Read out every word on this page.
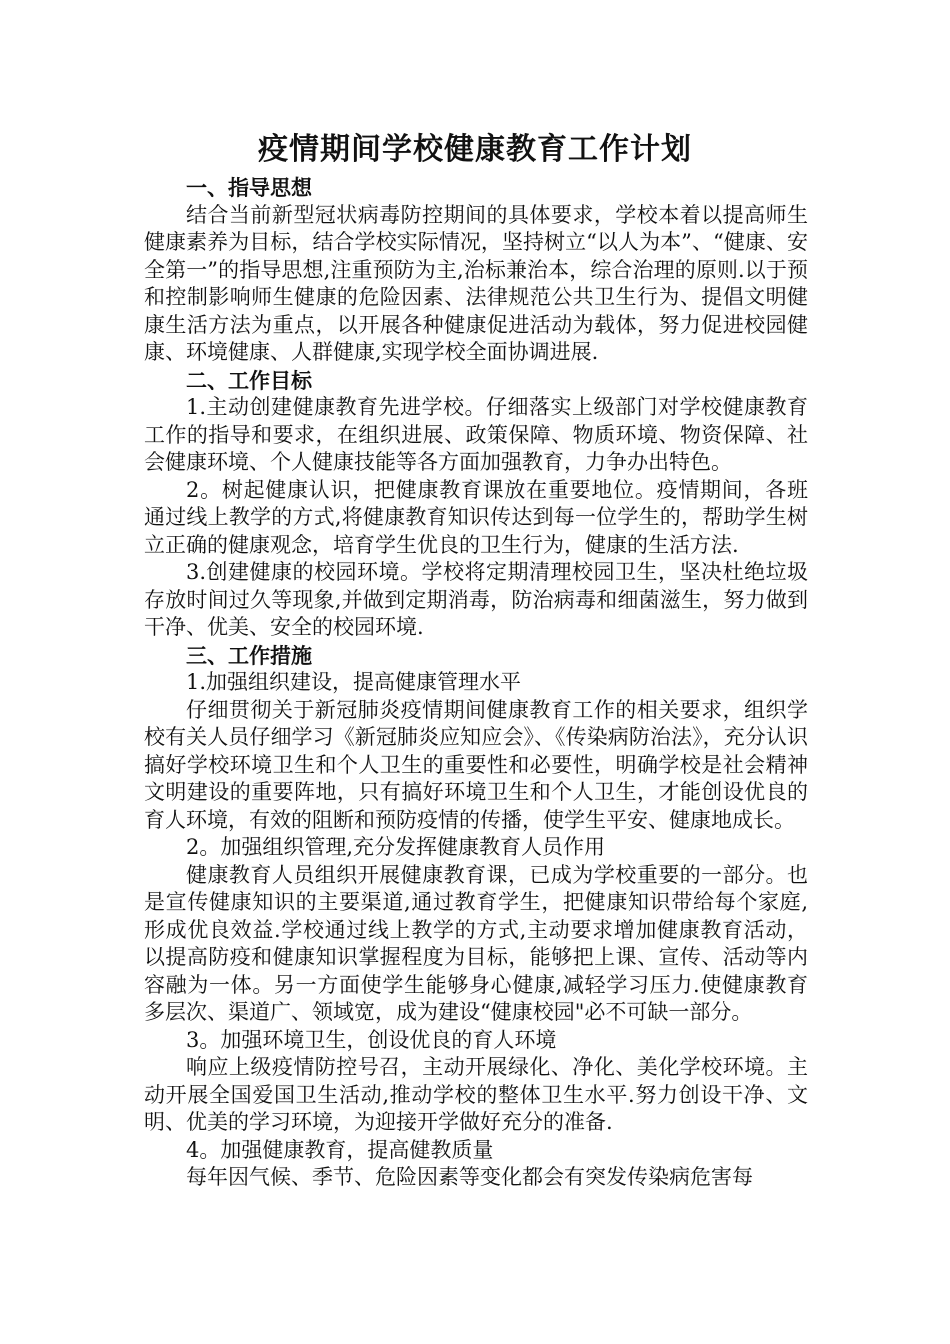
疫情期间学校健康教育工作计划
一、指导思想

结合当前新型冠状病毒防控期间的具体要求，学校本着以提高师生健康素养为目标，结合学校实际情况，坚持树立“以人为本”、“健康、安全第一”的指导思想,注重预防为主,治标兼治本，综合治理的原则.以于预和控制影响师生健康的危险因素、法律规范公共卫生行为、提倡文明健康生活方法为重点，以开展各种健康促进活动为载体，努力促进校园健康、环境健康、人群健康,实现学校全面协调进展.

二、工作目标

1.主动创建健康教育先进学校。仔细落实上级部门对学校健康教育工作的指导和要求，在组织进展、政策保障、物质环境、物资保障、社会健康环境、个人健康技能等各方面加强教育，力争办出特色。

2。树起健康认识，把健康教育课放在重要地位。疫情期间，各班通过线上教学的方式,将健康教育知识传达到每一位学生的，帮助学生树立正确的健康观念，培育学生优良的卫生行为，健康的生活方法.

3.创建健康的校园环境。学校将定期清理校园卫生，坚决杜绝垃圾存放时间过久等现象,并做到定期消毒，防治病毒和细菌滋生，努力做到干净、优美、安全的校园环境.

三、工作措施

1.加强组织建设，提高健康管理水平

仔细贯彻关于新冠肺炎疫情期间健康教育工作的相关要求，组织学校有关人员仔细学习《新冠肺炎应知应会》、《传染病防治法》，充分认识搞好学校环境卫生和个人卫生的重要性和必要性，明确学校是社会精神文明建设的重要阵地，只有搞好环境卫生和个人卫生，才能创设优良的育人环境，有效的阻断和预防疫情的传播，使学生平安、健康地成长。

2。加强组织管理,充分发挥健康教育人员作用

健康教育人员组织开展健康教育课，已成为学校重要的一部分。也是宣传健康知识的主要渠道,通过教育学生，把健康知识带给每个家庭,形成优良效益.学校通过线上教学的方式,主动要求增加健康教育活动，以提高防疫和健康知识掌握程度为目标，能够把上课、宣传、活动等内容融为一体。另一方面使学生能够身心健康,减轻学习压力.使健康教育多层次、渠道广、领域宽，成为建设“健康校园"必不可缺一部分。

3。加强环境卫生，创设优良的育人环境

响应上级疫情防控号召，主动开展绿化、净化、美化学校环境。主动开展全国爱国卫生活动,推动学校的整体卫生水平.努力创设干净、文明、优美的学习环境，为迎接开学做好充分的准备.

4。加强健康教育，提高健教质量

每年因气候、季节、危险因素等变化都会有突发传染病危害每
